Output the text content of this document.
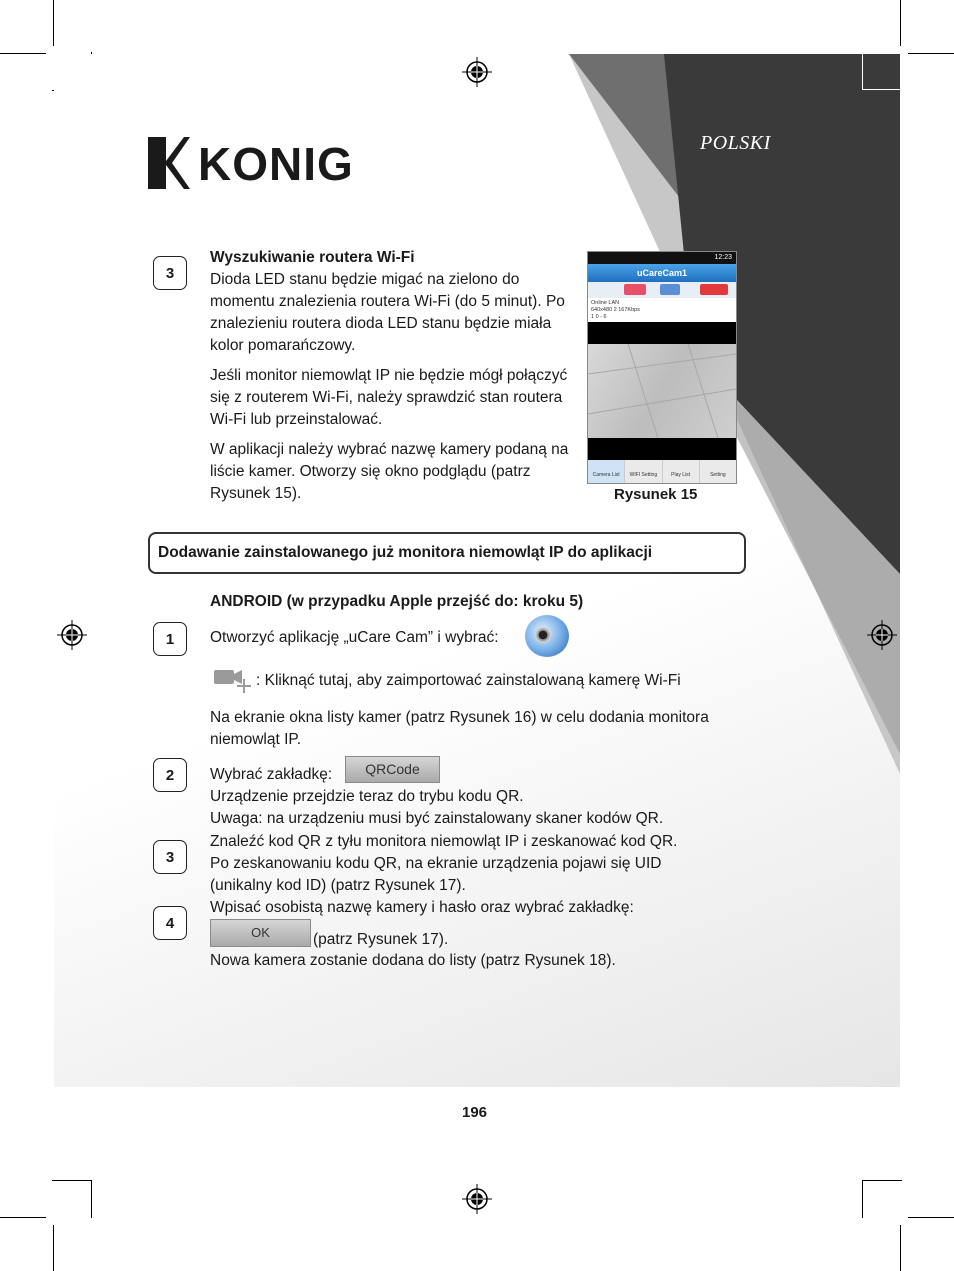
POLSKI
KONIG
3

Wyszukiwanie routera Wi-Fi

Dioda LED stanu będzie migać na zielono do momentu znalezienia routera Wi-Fi (do 5 minut). Po znalezieniu routera dioda LED stanu będzie miała kolor pomarańczowy.

Jeśli monitor niemowląt IP nie będzie mógł połączyć się z routerem Wi-Fi, należy sprawdzić stan routera Wi-Fi lub przeinstalować.

W aplikacji należy wybrać nazwę kamery podaną na liście kamer. Otworzy się okno podglądu (patrz Rysunek 15).

12:23
uCareCam1
Online LAN
640x480 2 167Kbps
1 0 - 6
Camera List	WIFI Setting	Play List	Setting
Rysunek 15
Dodawanie zainstalowanego już monitora niemowląt IP do aplikacji
ANDROID (w przypadku Apple przejść do: kroku 5)
1	Otworzyć aplikację „uCare Cam” i wybrać:
: Kliknąć tutaj, aby zaimportować zainstalowaną kamerę Wi-Fi
Na ekranie okna listy kamer (patrz Rysunek 16) w celu dodania monitora niemowląt IP.
2	Wybrać zakładkę:

Urządzenie przejdzie teraz do trybu kodu QR.

Uwaga: na urządzeniu musi być zainstalowany skaner kodów QR.

QRCode
3

Znaleźć kod QR z tyłu monitora niemowląt IP i zeskanować kod QR.

Po zeskanowaniu kodu QR, na ekranie urządzenia pojawi się UID

(unikalny kod ID) (patrz Rysunek 17).

4
Wpisać osobistą nazwę kamery i hasło oraz wybrać zakładkę:
OK	(patrz Rysunek 17).
Nowa kamera zostanie dodana do listy (patrz Rysunek 18).
196
